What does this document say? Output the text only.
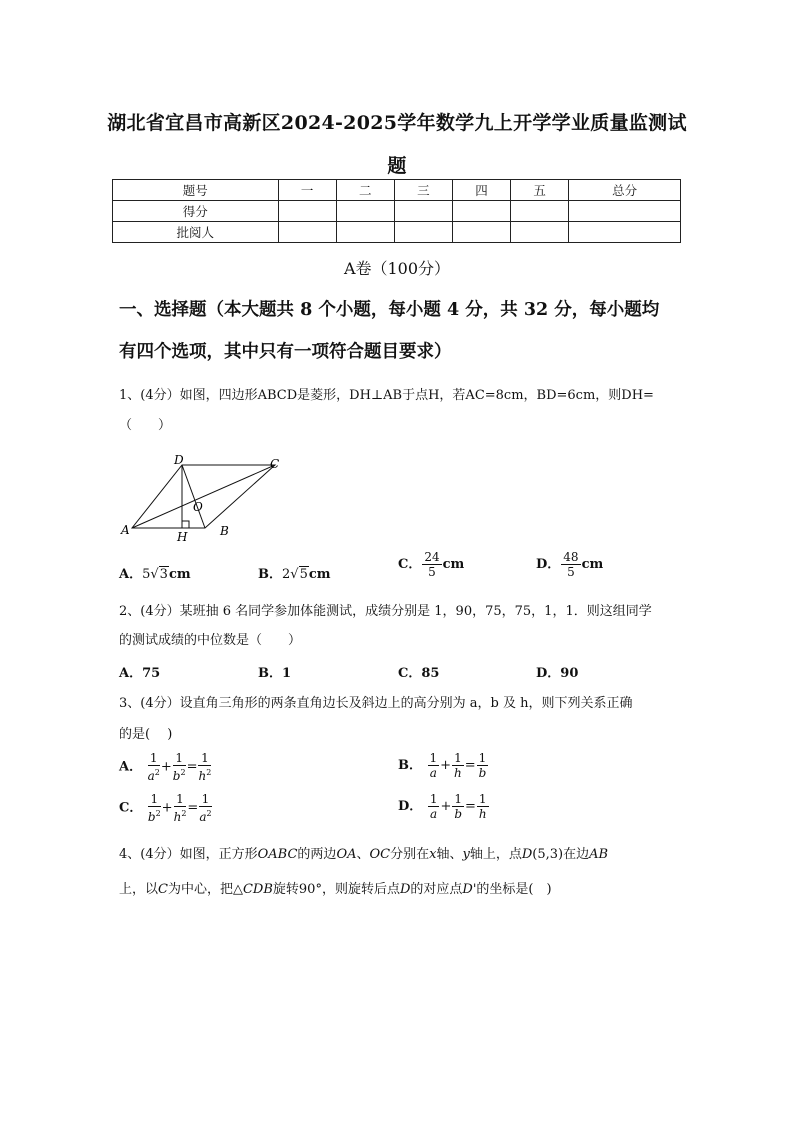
湖北省宜昌市高新区2024-2025学年数学九上开学学业质量监测试
题
题号	一	二	三	四	五	总分
得分						
批阅人						
A卷（100分）
一、选择题（本大题共 8 个小题，每小题 4 分，共 32 分，每小题均
有四个选项，其中只有一项符合题目要求）
1、(4分）如图，四边形ABCD是菱形，DH⊥AB于点H，若AC=8cm，BD=6cm，则DH=
（　　）
D	C
A	B
O
H
A．5√3cm	B．2√5cm
C． $\frac{24}{5}$ cm	D． $\frac{48}{5}$ cm
2、(4分）某班抽 6 名同学参加体能测试，成绩分别是 1，90，75，75，1，1．则这组同学
的测试成绩的中位数是（　　）
A．75	B．1	C．85	D．90
3、(4分）设直角三角形的两条直角边长及斜边上的高分别为 a，b 及 h，则下列关系正确
的是(　 )
A． $\frac{1}{a^2} + \frac{1}{b^2} = \frac{1}{h^2}$	B． $\frac{1}{a} + \frac{1}{h} = \frac{1}{b}$
C． $\frac{1}{b^2} + \frac{1}{h^2} = \frac{1}{a^2}$	D． $\frac{1}{a} + \frac{1}{b} = \frac{1}{h}$
4、(4分）如图，正方形OABC的两边OA、OC分别在x轴、y轴上，点D(5,3)在边AB
上，以C为中心，把△CDB旋转90°，则旋转后点D的对应点D'的坐标是(　)
